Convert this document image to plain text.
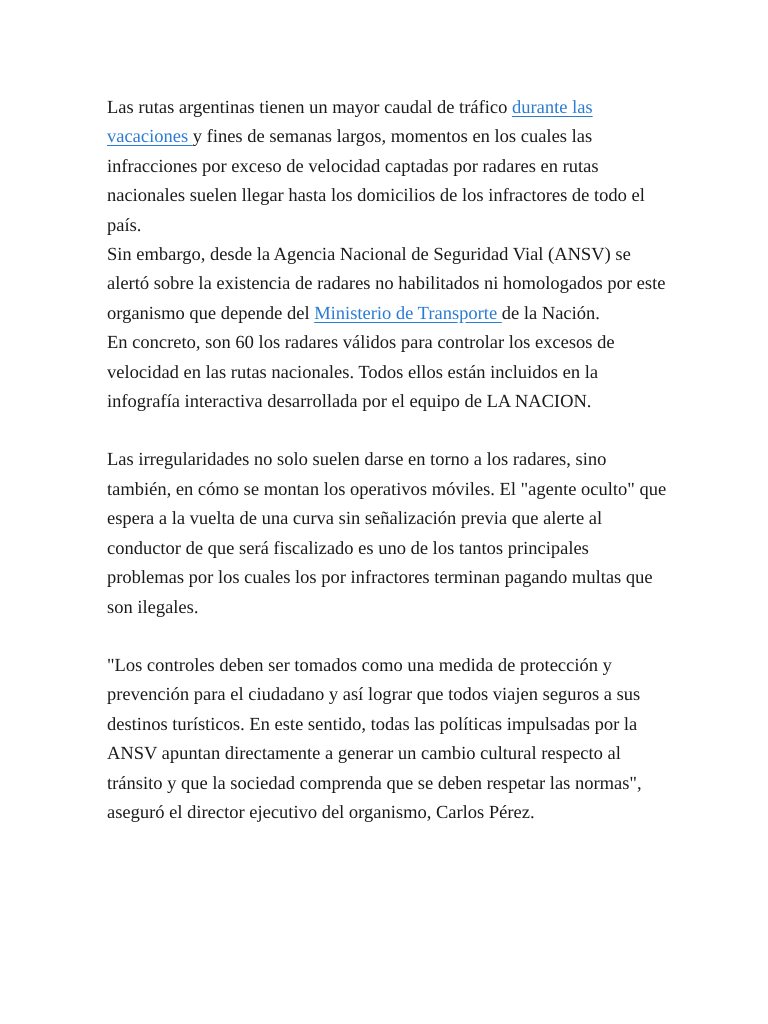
Las rutas argentinas tienen un mayor caudal de tráfico durante las vacaciones y fines de semanas largos, momentos en los cuales las infracciones por exceso de velocidad captadas por radares en rutas nacionales suelen llegar hasta los domicilios de los infractores de todo el país.

Sin embargo, desde la Agencia Nacional de Seguridad Vial (ANSV) se alertó sobre la existencia de radares no habilitados ni homologados por este organismo que depende del Ministerio de Transporte de la Nación.

En concreto, son 60 los radares válidos para controlar los excesos de velocidad en las rutas nacionales. Todos ellos están incluidos en la infografía interactiva desarrollada por el equipo de LA NACION.

Las irregularidades no solo suelen darse en torno a los radares, sino también, en cómo se montan los operativos móviles. El "agente oculto" que espera a la vuelta de una curva sin señalización previa que alerte al conductor de que será fiscalizado es uno de los tantos principales problemas por los cuales los por infractores terminan pagando multas que son ilegales.

"Los controles deben ser tomados como una medida de protección y prevención para el ciudadano y así lograr que todos viajen seguros a sus destinos turísticos. En este sentido, todas las políticas impulsadas por la ANSV apuntan directamente a generar un cambio cultural respecto al tránsito y que la sociedad comprenda que se deben respetar las normas", aseguró el director ejecutivo del organismo, Carlos Pérez.
